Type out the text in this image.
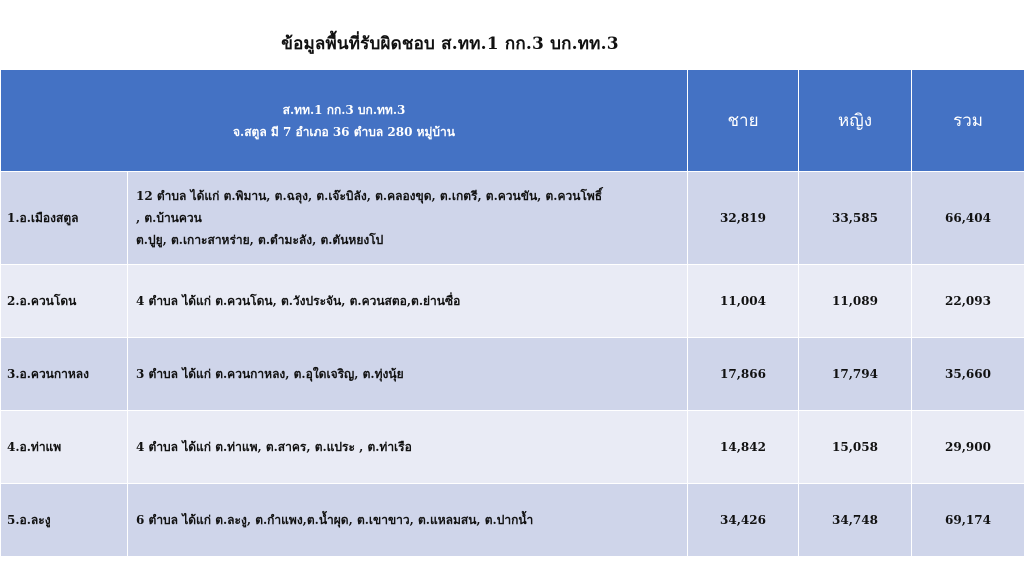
ข้อมูลพื้นที่รับผิดชอบ ส.ทท.1 กก.3 บก.ทท.3
ส.ทท.1 กก.3 บก.ทท.3
จ.สตูล มี 7 อำเภอ 36 ตำบล 280 หมู่บ้าน		ชาย	หญิง	รวม
1.อ.เมืองสตูล	12 ตำบล ได้แก่ ต.พิมาน, ต.ฉลุง, ต.เจ๊ะบิลัง, ต.คลองขุด, ต.เกตรี, ต.ควนขัน, ต.ควนโพธิ์
, ต.บ้านควน
ต.ปูยู, ต.เกาะสาหร่าย, ต.ตำมะลัง, ต.ตันหยงโป	32,819	33,585	66,404
2.อ.ควนโดน	4 ตำบล ได้แก่ ต.ควนโดน, ต.วังประจัน, ต.ควนสตอ,ต.ย่านซื่อ	11,004	11,089	22,093
3.อ.ควนกาหลง	3 ตำบล ได้แก่ ต.ควนกาหลง, ต.อุใดเจริญ, ต.ทุ่งนุ้ย	17,866	17,794	35,660
4.อ.ท่าแพ	4 ตำบล ได้แก่ ต.ท่าแพ, ต.สาคร, ต.แประ , ต.ท่าเรือ	14,842	15,058	29,900
5.อ.ละงู	6 ตำบล ได้แก่ ต.ละงู, ต.กำแพง,ต.น้ำผุด, ต.เขาขาว, ต.แหลมสน, ต.ปากน้ำ	34,426	34,748	69,174
